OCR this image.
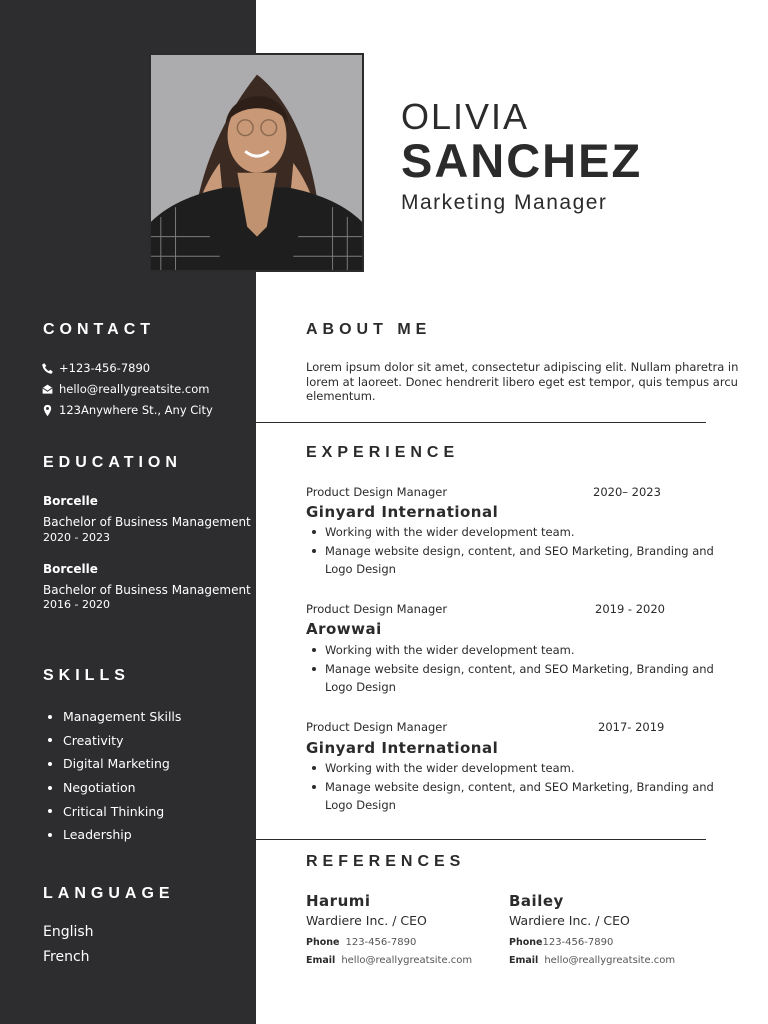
OLIVIA
SANCHEZ
Marketing Manager
CONTACT
+123-456-7890
hello@reallygreatsite.com
123Anywhere St., Any City
EDUCATION
Borcelle
Bachelor of Business Management
2020 - 2023
Borcelle
Bachelor of Business Management
2016 - 2020
SKILLS
Management Skills
Creativity
Digital Marketing
Negotiation
Critical Thinking
Leadership
LANGUAGE
English
French
ABOUT ME
Lorem ipsum dolor sit amet, consectetur adipiscing elit. Nullam pharetra in lorem at laoreet. Donec hendrerit libero eget est tempor, quis tempus arcu elementum.
EXPERIENCE
Product Design Manager	2020– 2023
Ginyard International
Working with the wider development team.
Manage website design, content, and SEO Marketing, Branding and Logo Design
Product Design Manager	2019 - 2020
Arowwai
Working with the wider development team.
Manage website design, content, and SEO Marketing, Branding and Logo Design
Product Design Manager	2017- 2019
Ginyard International
Working with the wider development team.
Manage website design, content, and SEO Marketing, Branding and Logo Design
REFERENCES
Harumi
Wardiere Inc. / CEO
Phone 123-456-7890
Email hello@reallygreatsite.com
Bailey
Wardiere Inc. / CEO
Phone123-456-7890
Email hello@reallygreatsite.com
